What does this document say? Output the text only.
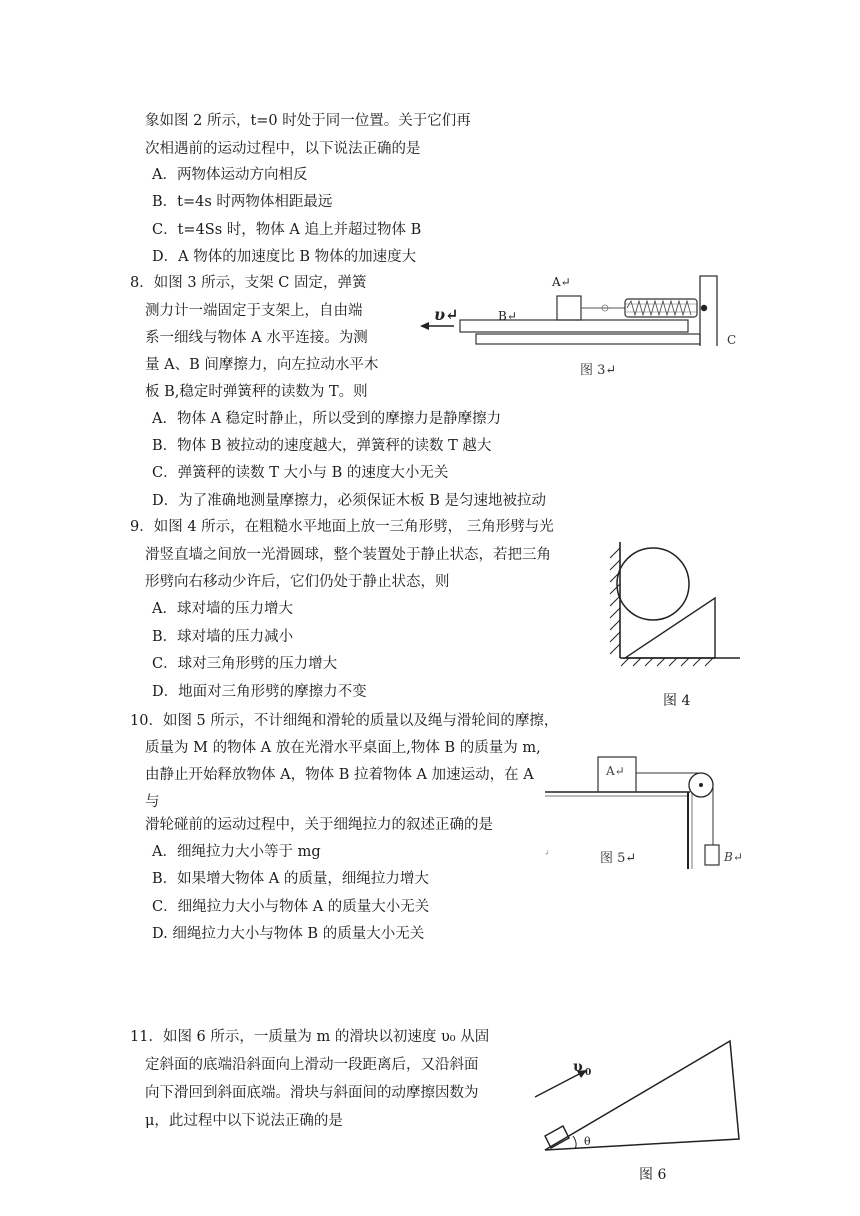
象如图 2 所示，t=0 时处于同一位置。关于它们再
次相遇前的运动过程中，以下说法正确的是
A．两物体运动方向相反
B．t=4s 时两物体相距最远
C．t=4Ss 时，物体 A 追上并超过物体 B
D．A 物体的加速度比 B 物体的加速度大
8．如图 3 所示，支架 C 固定，弹簧
测力计一端固定于支架上，自由端
系一细线与物体 A 水平连接。为测
量 A、B 间摩擦力，向左拉动水平木
板 B,稳定时弹簧秤的读数为 T。则
A．物体 A 稳定时静止，所以受到的摩擦力是静摩擦力
B．物体 B 被拉动的速度越大，弹簧秤的读数 T 越大
C．弹簧秤的读数 T 大小与 B 的速度大小无关
D．为了准确地测量摩擦力，必须保证木板 B 是匀速地被拉动
υ↵	B↵
A↵
C
图 3↵
9．如图 4 所示，在粗糙水平地面上放一三角形劈， 三角形劈与光
滑竖直墙之间放一光滑圆球，整个装置处于静止状态，若把三角
形劈向右移动少许后，它们仍处于静止状态，则
A．球对墙的压力增大
B．球对墙的压力减小
C．球对三角形劈的压力增大
D．地面对三角形劈的摩擦力不变
图 4
10．如图 5 所示，不计细绳和滑轮的质量以及绳与滑轮间的摩擦，
质量为 M 的物体 A 放在光滑水平桌面上,物体 B 的质量为 m,
由静止开始释放物体 A，物体 B 拉着物体 A 加速运动，在 A
与
滑轮碰前的运动过程中，关于细绳拉力的叙述正确的是
A．细绳拉力大小等于 mg
B．如果增大物体 A 的质量，细绳拉力增大
C．细绳拉力大小与物体 A 的质量大小无关
D. 细绳拉力大小与物体 B 的质量大小无关
A↵
B↵
图 5↵
↲
11．如图 6 所示，一质量为 m 的滑块以初速度 υ₀ 从固
定斜面的底端沿斜面向上滑动一段距离后，又沿斜面
向下滑回到斜面底端。滑块与斜面间的动摩擦因数为
μ，此过程中以下说法正确的是
θ
υ 0
图 6
